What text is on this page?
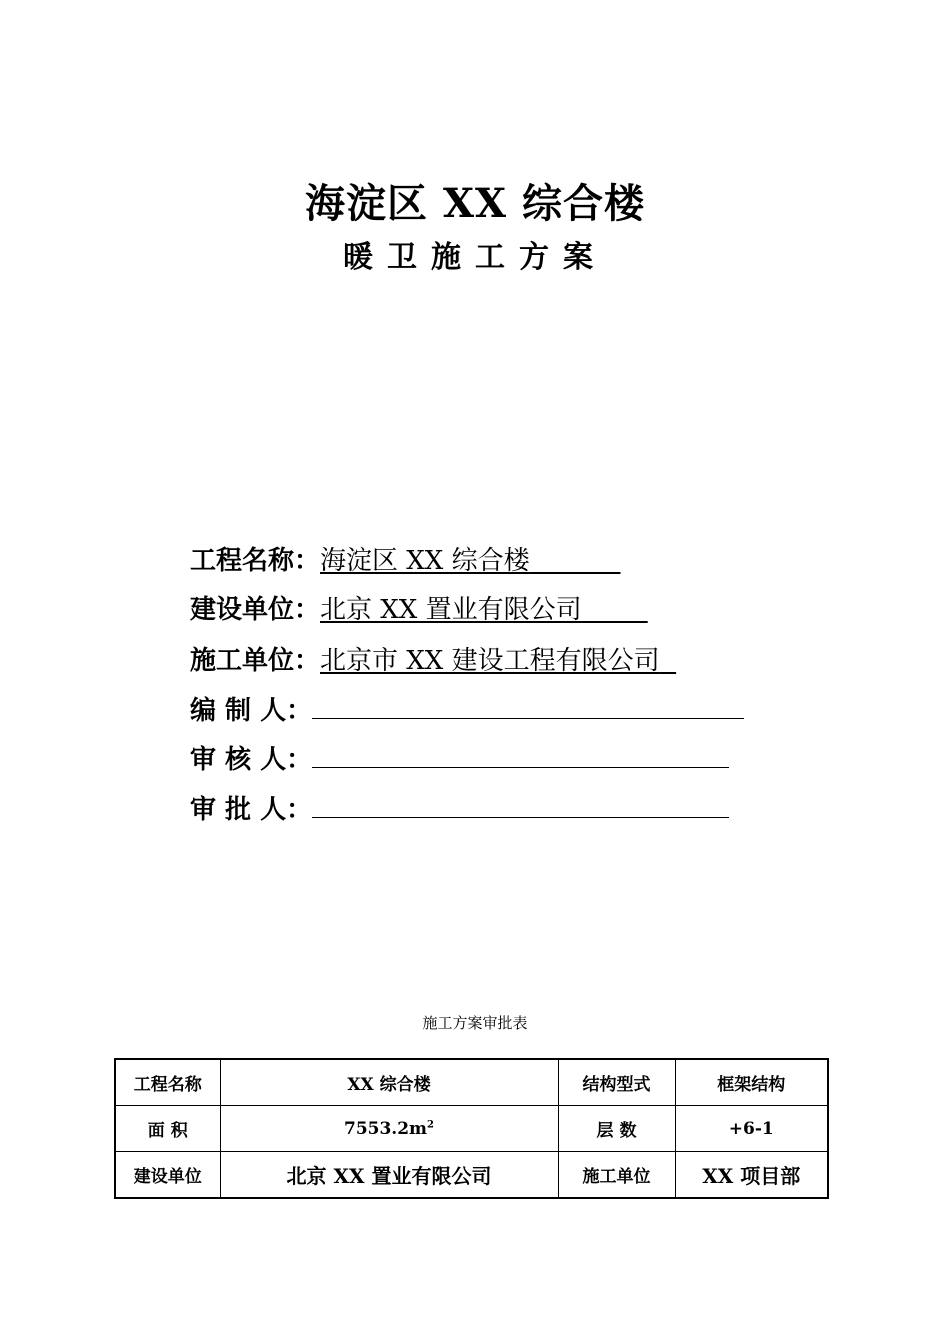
海淀区 XX 综合楼
暖卫施工方案
工程名称：海淀区 XX 综合楼
建设单位：北京 XX 置业有限公司
施工单位：北京市 XX 建设工程有限公司
编 制 人：
审 核 人：
审 批 人：
施工方案审批表
工程名称	XX 综合楼	结构型式	框架结构
面 积	$7553.2m^2$	层 数	+6-1
建设单位	北京 XX 置业有限公司	施工单位	XX 项目部
